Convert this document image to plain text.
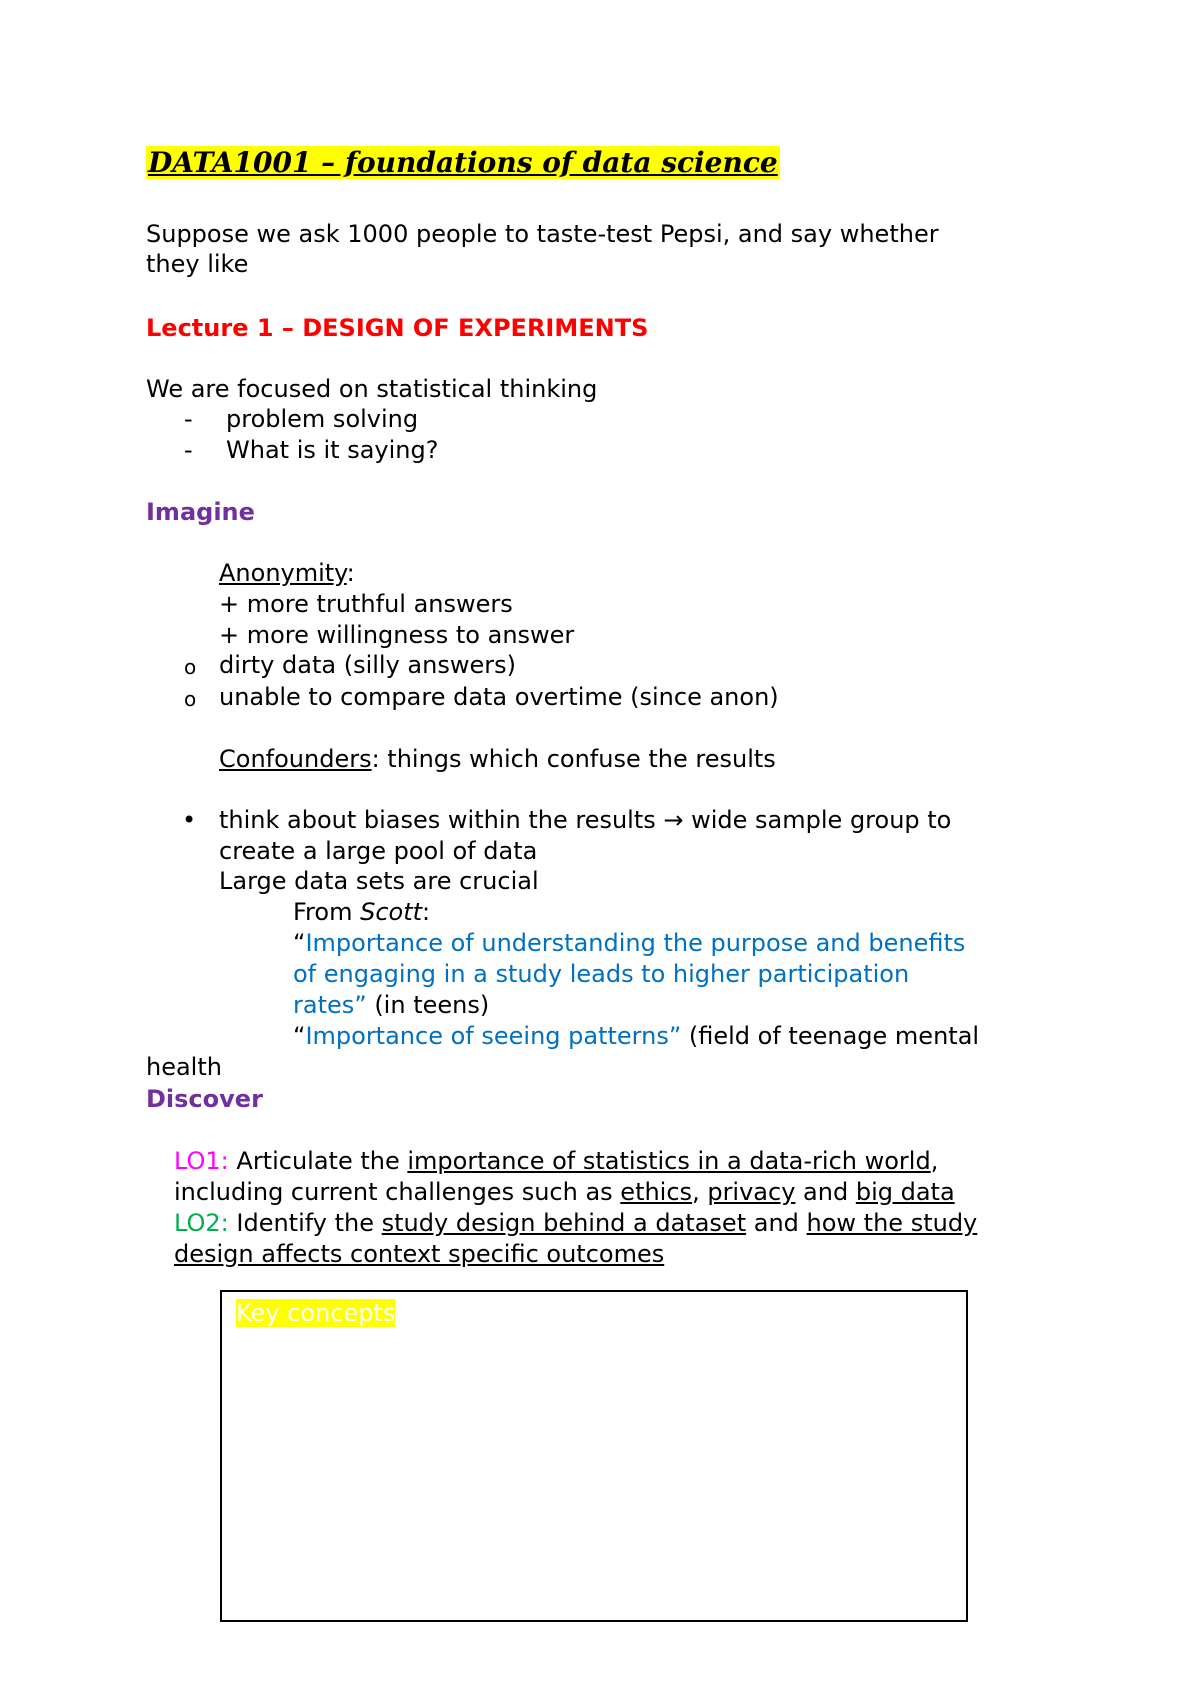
DATA1001 – foundations of data science
Suppose we ask 1000 people to taste-test Pepsi, and say whether
they like
Lecture 1 – DESIGN OF EXPERIMENTS
We are focused on statistical thinking
- problem solving
- What is it saying?
Imagine
Anonymity:
+ more truthful answers
+ more willingness to answer
o dirty data (silly answers)
o unable to compare data overtime (since anon)
Confounders: things which confuse the results
• think about biases within the results → wide sample group to
create a large pool of data
Large data sets are crucial
From Scott:
“Importance of understanding the purpose and benefits
of engaging in a study leads to higher participation
rates” (in teens)
“Importance of seeing patterns” (field of teenage mental
health
Discover
LO1: Articulate the importance of statistics in a data-rich world,
including current challenges such as ethics, privacy and big data
LO2: Identify the study design behind a dataset and how the study
design affects context specific outcomes
Key concepts
